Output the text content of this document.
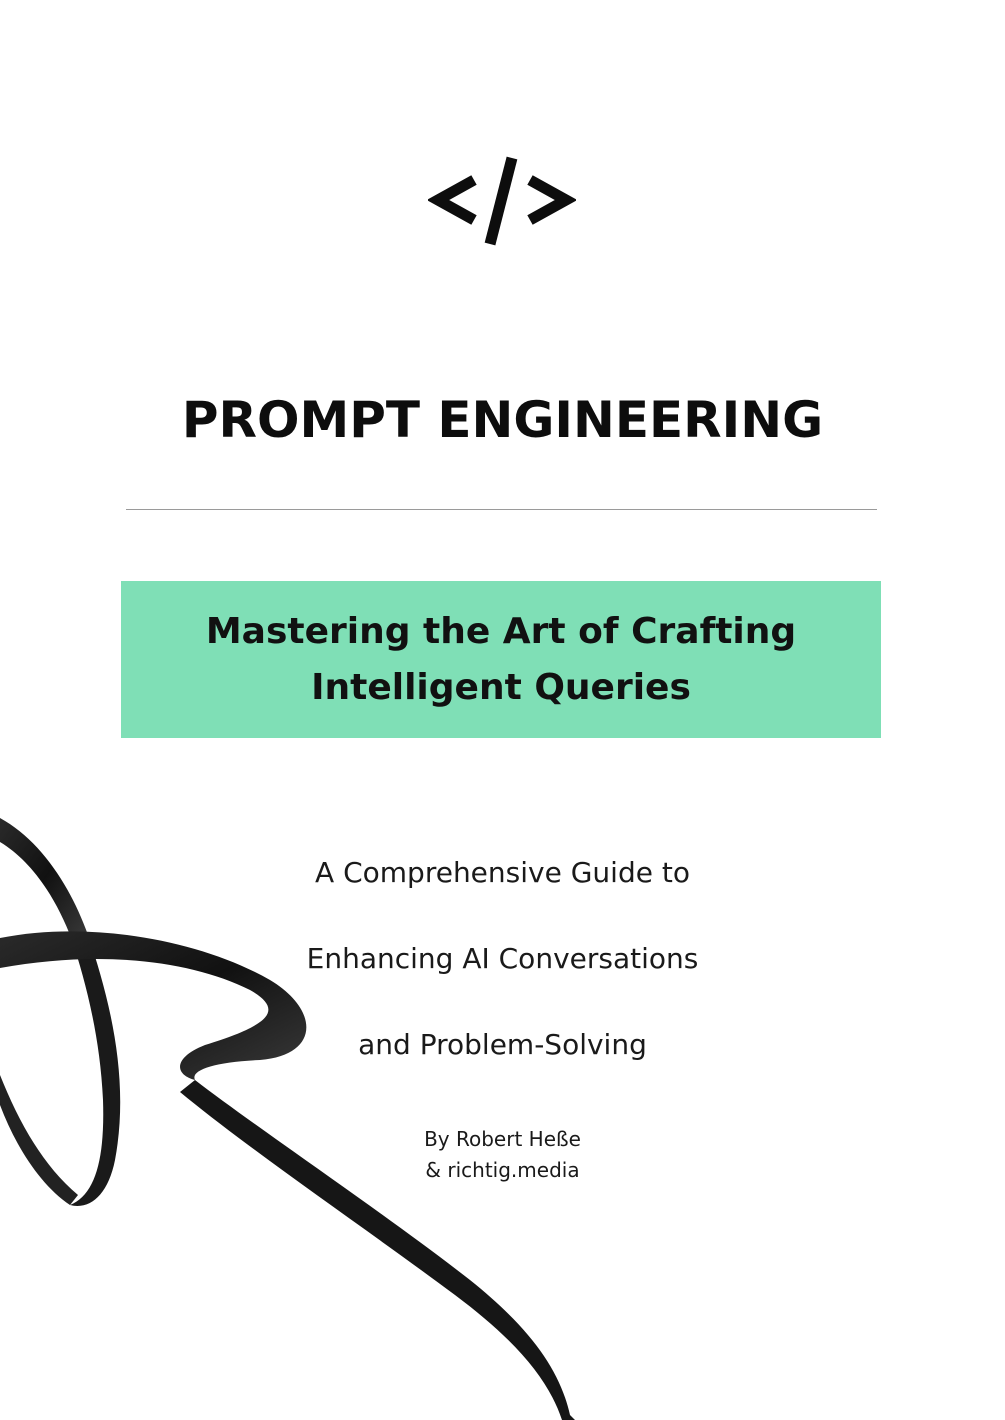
PROMPT ENGINEERING
Mastering the Art of Crafting
Intelligent Queries

A Comprehensive Guide to

Enhancing AI Conversations

and Problem-Solving

By Robert Heße
& richtig.media
